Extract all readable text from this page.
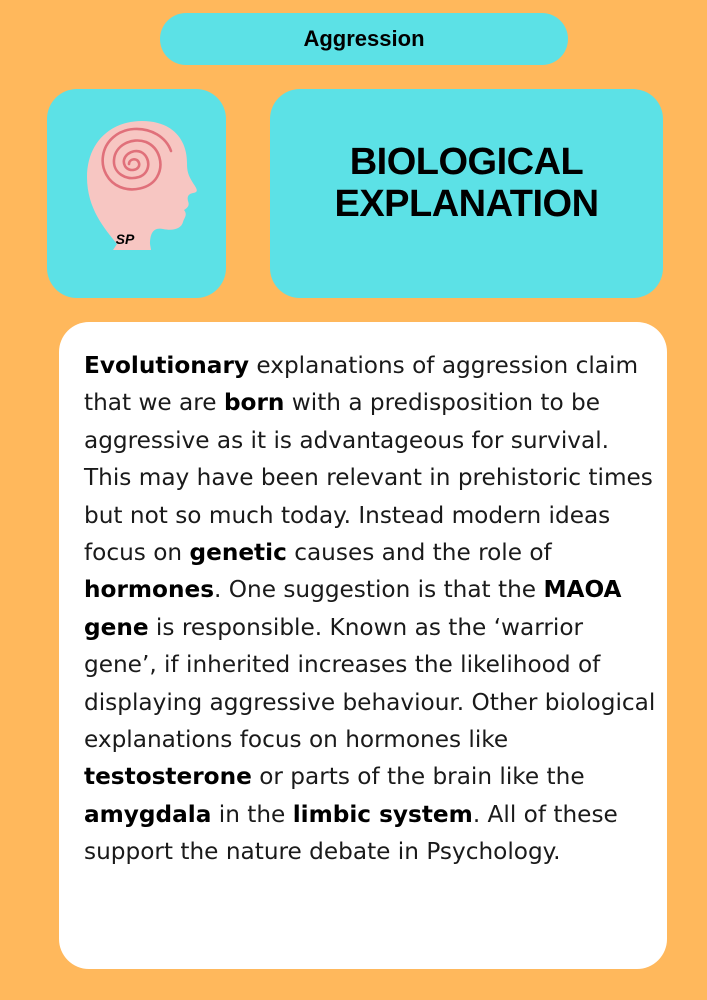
Aggression
SP
BIOLOGICAL
EXPLANATION

Evolutionary explanations of aggression claim that we are born with a predisposition to be aggressive as it is advantageous for survival. This may have been relevant in prehistoric times but not so much today. Instead modern ideas focus on genetic causes and the role of hormones. One suggestion is that the MAOA gene is responsible. Known as the ‘warrior gene’, if inherited increases the likelihood of displaying aggressive behaviour. Other biological explanations focus on hormones like testosterone or parts of the brain like the amygdala in the limbic system. All of these support the nature debate in Psychology.
